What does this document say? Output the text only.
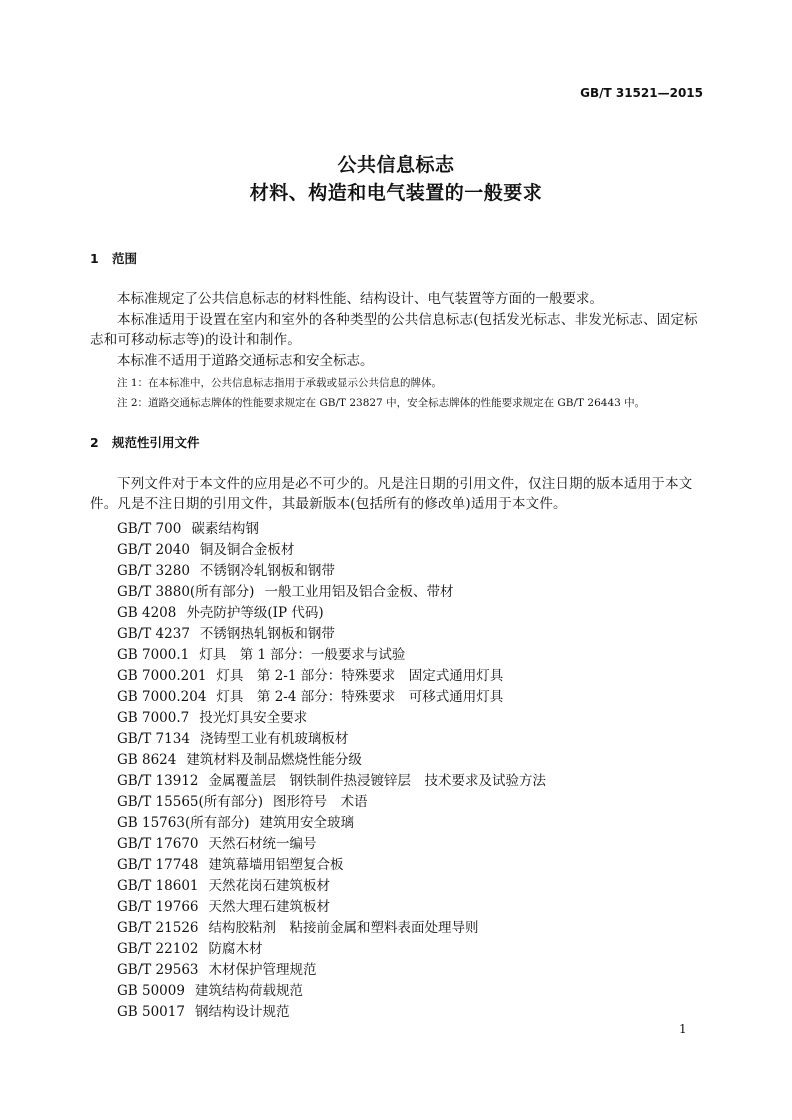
GB/T 31521—2015
公共信息标志
材料、构造和电气装置的一般要求
1 范围
本标准规定了公共信息标志的材料性能、结构设计、电气装置等方面的一般要求。
本标准适用于设置在室内和室外的各种类型的公共信息标志(包括发光标志、非发光标志、固定标志和可移动标志等)的设计和制作。
本标准不适用于道路交通标志和安全标志。
注 1：在本标准中，公共信息标志指用于承载或显示公共信息的牌体。
注 2：道路交通标志牌体的性能要求规定在 GB/T 23827 中，安全标志牌体的性能要求规定在 GB/T 26443 中。
2 规范性引用文件
下列文件对于本文件的应用是必不可少的。凡是注日期的引用文件，仅注日期的版本适用于本文件。凡是不注日期的引用文件，其最新版本(包括所有的修改单)适用于本文件。
GB/T 700 碳素结构钢
GB/T 2040 铜及铜合金板材
GB/T 3280 不锈钢冷轧钢板和钢带
GB/T 3880(所有部分) 一般工业用铝及铝合金板、带材
GB 4208 外壳防护等级(IP 代码)
GB/T 4237 不锈钢热轧钢板和钢带
GB 7000.1 灯具　第 1 部分：一般要求与试验
GB 7000.201 灯具　第 2-1 部分：特殊要求　固定式通用灯具
GB 7000.204 灯具　第 2-4 部分：特殊要求　可移式通用灯具
GB 7000.7 投光灯具安全要求
GB/T 7134 浇铸型工业有机玻璃板材
GB 8624 建筑材料及制品燃烧性能分级
GB/T 13912 金属覆盖层　钢铁制件热浸镀锌层　技术要求及试验方法
GB/T 15565(所有部分) 图形符号　术语
GB 15763(所有部分) 建筑用安全玻璃
GB/T 17670 天然石材统一编号
GB/T 17748 建筑幕墙用铝塑复合板
GB/T 18601 天然花岗石建筑板材
GB/T 19766 天然大理石建筑板材
GB/T 21526 结构胶粘剂　粘接前金属和塑料表面处理导则
GB/T 22102 防腐木材
GB/T 29563 木材保护管理规范
GB 50009 建筑结构荷载规范
GB 50017 钢结构设计规范
1
